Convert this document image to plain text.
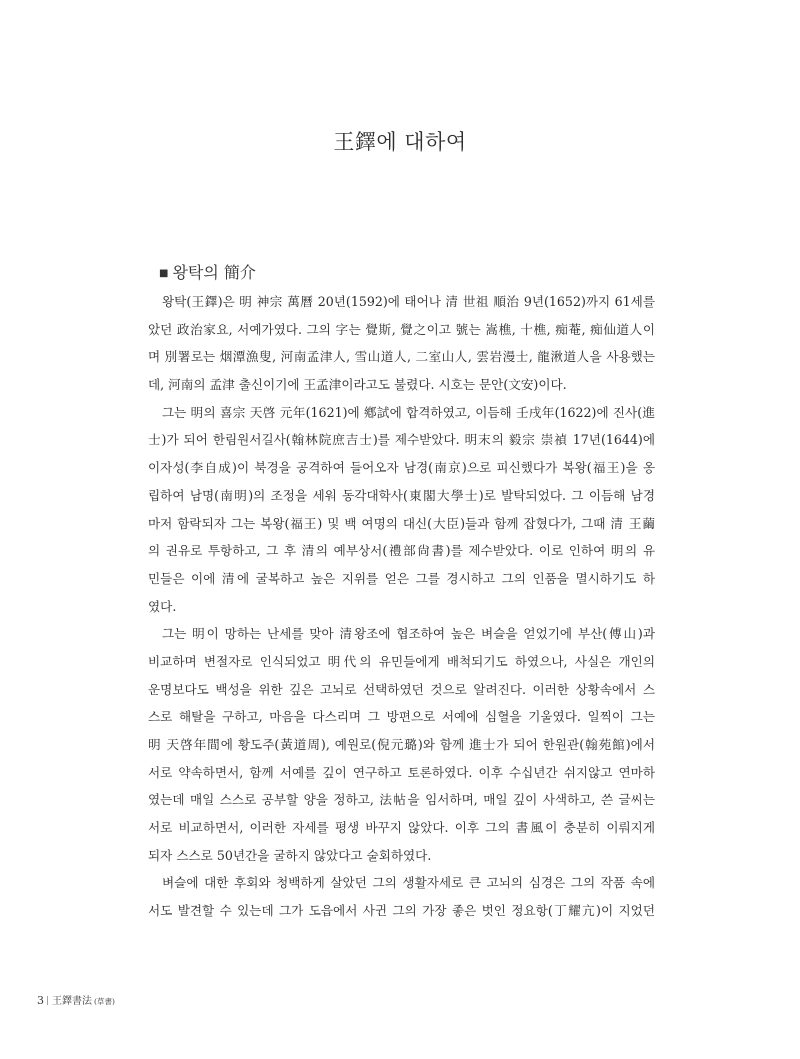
王鐸에 대하여
■ 왕탁의 簡介
왕탁(王鐸)은 明 神宗 萬曆 20년(1592)에 태어나 清 世祖 順治 9년(1652)까지 61세를
았던 政治家요, 서예가였다. 그의 字는 覺斯, 覺之이고 號는 嵩樵, 十樵, 痴菴, 痴仙道人이
며 別署로는 烟潭漁叟, 河南孟津人, 雪山道人, 二室山人, 雲岩漫士, 龍湫道人을 사용했는
데, 河南의 孟津 출신이기에 王孟津이라고도 불렸다. 시호는 문안(文安)이다.
그는 明의 喜宗 天啓 元年(1621)에 鄕試에 합격하였고, 이듬해 壬戌年(1622)에 진사(進
士)가 되어 한림원서길사(翰林院庶吉士)를 제수받았다. 明末의 毅宗 崇禎 17년(1644)에
이자성(李自成)이 북경을 공격하여 들어오자 남경(南京)으로 피신했다가 복왕(福王)을 옹
립하여 남명(南明)의 조정을 세워 동각대학사(東閣大學士)로 발탁되었다. 그 이듬해 남경
마저 함락되자 그는 복왕(福王) 및 백 여명의 대신(大臣)들과 함께 잡혔다가, 그때 清 王繭
의 권유로 투항하고, 그 후 清의 예부상서(禮部尙書)를 제수받았다. 이로 인하여 明의 유
민들은 이에 清에 굴복하고 높은 지위를 얻은 그를 경시하고 그의 인품을 멸시하기도 하
였다.
그는 明이 망하는 난세를 맞아 清왕조에 협조하여 높은 벼슬을 얻었기에 부산(傅山)과
비교하며 변절자로 인식되었고 明代의 유민들에게 배척되기도 하였으나, 사실은 개인의
운명보다도 백성을 위한 깊은 고뇌로 선택하였던 것으로 알려진다. 이러한 상황속에서 스
스로 해탈을 구하고, 마음을 다스리며 그 방편으로 서예에 심혈을 기울였다. 일찍이 그는
明 天啓年間에 황도주(黃道周), 예원로(倪元璐)와 함께 進士가 되어 한원관(翰苑館)에서
서로 약속하면서, 함께 서예를 깊이 연구하고 토론하였다. 이후 수십년간 쉬지않고 연마하
였는데 매일 스스로 공부할 양을 정하고, 法帖을 임서하며, 매일 깊이 사색하고, 쓴 글씨는
서로 비교하면서, 이러한 자세를 평생 바꾸지 않았다. 이후 그의 書風이 충분히 이뤄지게
되자 스스로 50년간을 굴하지 않았다고 술회하였다.
벼슬에 대한 후회와 청백하게 살았던 그의 생활자세로 큰 고뇌의 심경은 그의 작품 속에
서도 발견할 수 있는데 그가 도읍에서 사귄 그의 가장 좋은 벗인 정요항(丁耀亢)이 지었던
3 | 王鐸書法 (草書)
